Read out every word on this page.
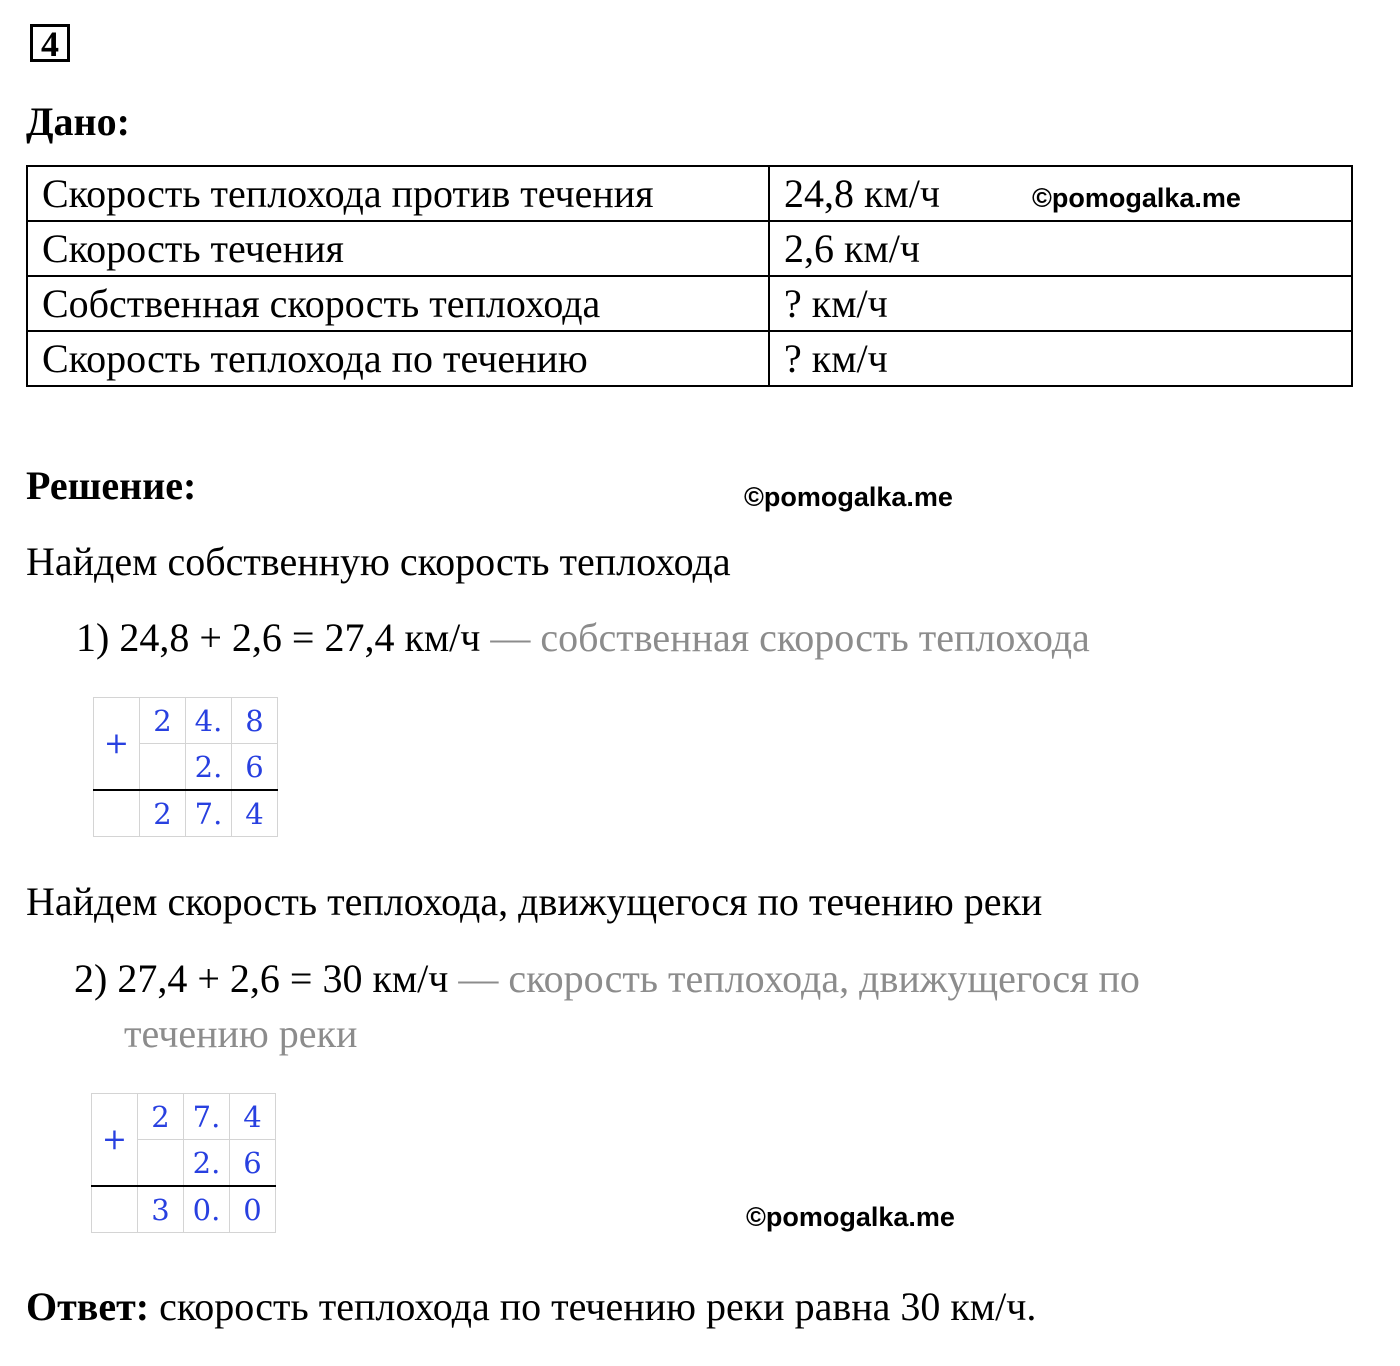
4
Дано:
Скорость теплохода против течения	24,8 км/ч
Скорость течения	2,6 км/ч
Собственная скорость теплохода	? км/ч
Скорость теплохода по течению	? км/ч
©pomogalka.me
Решение:	©pomogalka.me
Найдем собственную скорость теплохода
1) 24,8 + 2,6 = 27,4 км/ч — собственная скорость теплохода
+	2	4.	8
		2.	6
	2	7.	4
Найдем скорость теплохода, движущегося по течению реки
2) 27,4 + 2,6 = 30 км/ч — скорость теплохода, движущегося по
течению реки
+	2	7.	4
		2.	6
	3	0.	0	©pomogalka.me
Ответ: скорость теплохода по течению реки равна 30 км/ч.
